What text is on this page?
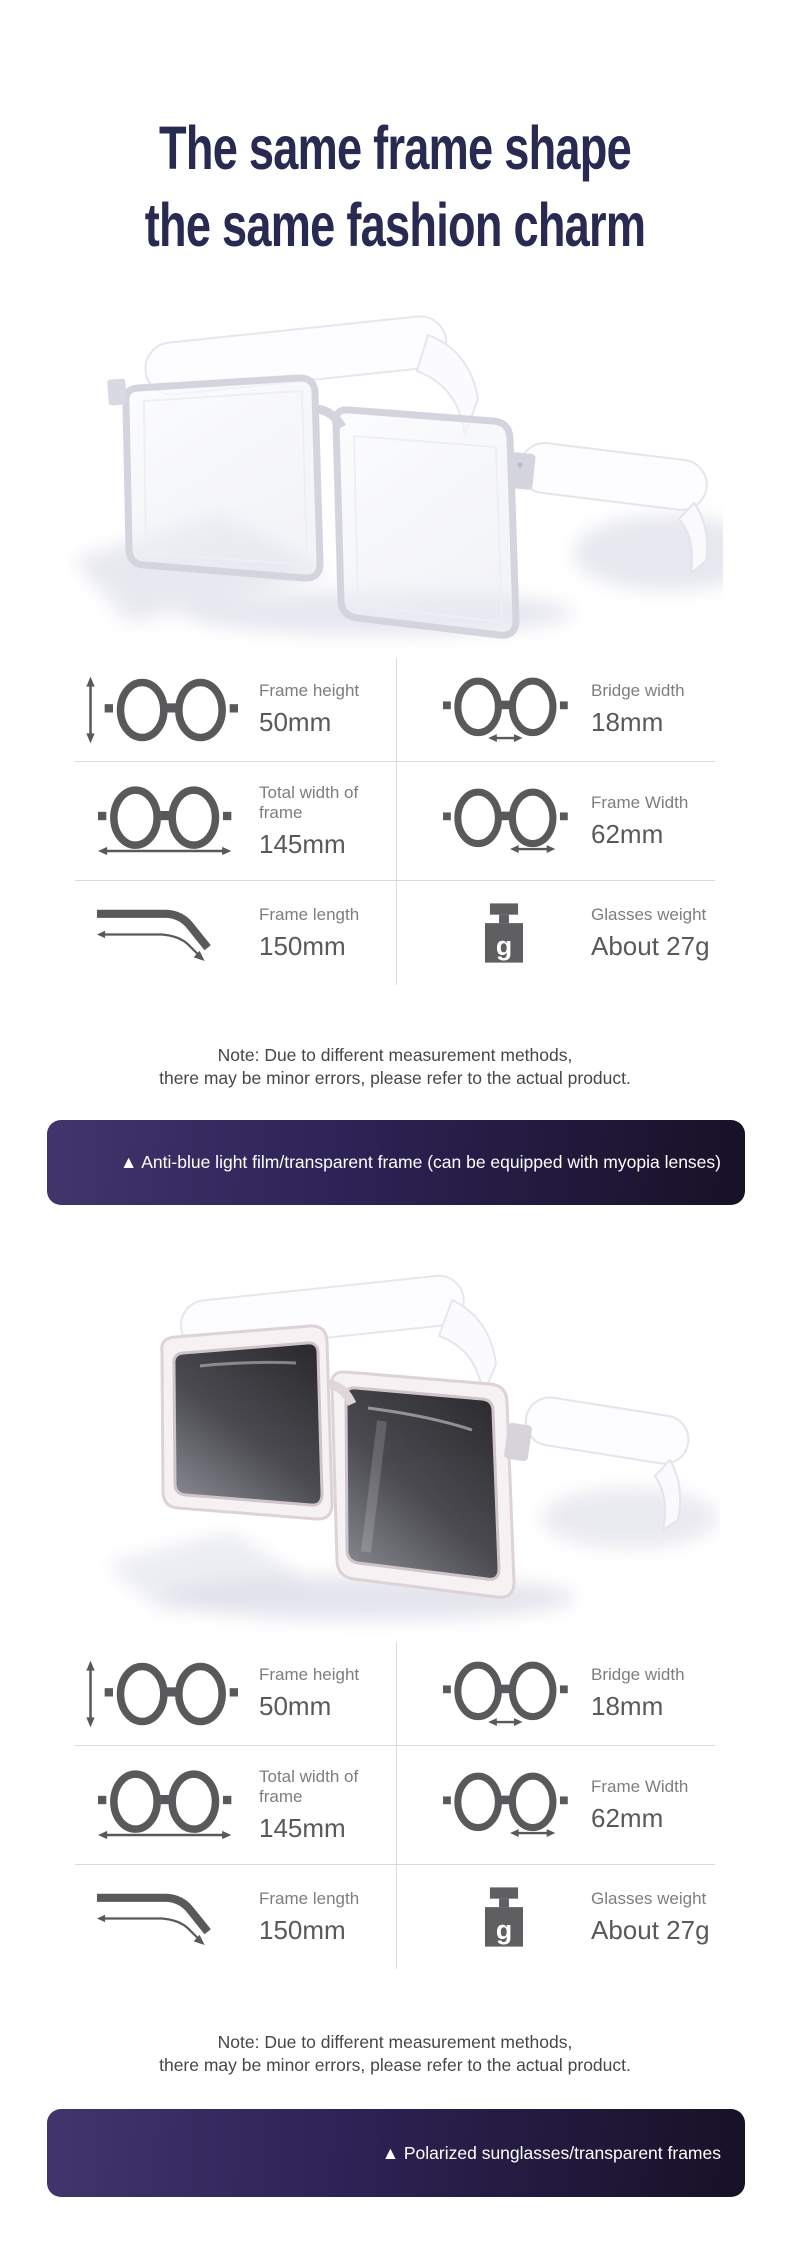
The same frame shape
the same fashion charm
Frame height
50mm
Bridge width
18mm
Total width of frame
145mm
Frame Width
62mm
Frame length
150mm	g
Glasses weight
About 27g
Note: Due to different measurement methods,
there may be minor errors, please refer to the actual product.
▲ Anti-blue light film/transparent frame (can be equipped with myopia lenses)
Frame height
50mm
Bridge width
18mm
Total width of frame
145mm
Frame Width
62mm
Frame length
150mm	g
Glasses weight
About 27g
Note: Due to different measurement methods,
there may be minor errors, please refer to the actual product.
▲ Polarized sunglasses/transparent frames
